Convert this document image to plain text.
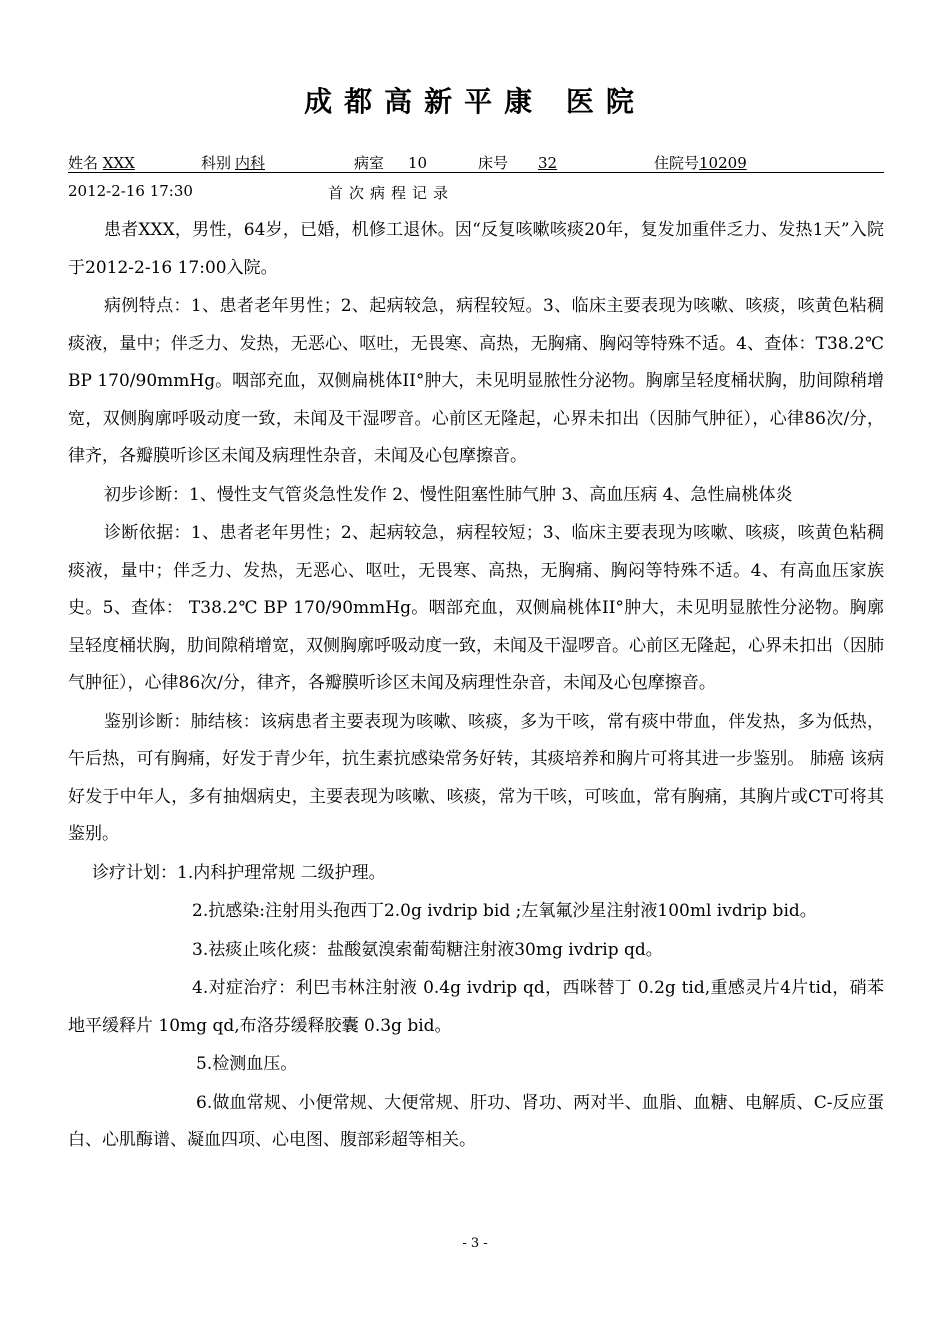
成都高新平康 医院
姓名 XXX	科别 内科	病室 10	床号 32	住院号10209
2012-2-16 17:30	首次病程记录

患者XXX，男性，64岁，已婚，机修工退休。因“反复咳嗽咳痰20年，复发加重伴乏力、发热1天”入院于2012-2-16 17:00入院。

病例特点：1、患者老年男性；2、起病较急，病程较短。3、临床主要表现为咳嗽、咳痰，咳黄色粘稠痰液，量中；伴乏力、发热，无恶心、呕吐，无畏寒、高热，无胸痛、胸闷等特殊不适。4、查体：T38.2℃ BP 170/90mmHg。咽部充血，双侧扁桃体II°肿大，未见明显脓性分泌物。胸廓呈轻度桶状胸，肋间隙稍增宽，双侧胸廓呼吸动度一致，未闻及干湿啰音。心前区无隆起，心界未扣出（因肺气肿征），心律86次/分，律齐，各瓣膜听诊区未闻及病理性杂音，未闻及心包摩擦音。

初步诊断：1、慢性支气管炎急性发作 2、慢性阻塞性肺气肿 3、高血压病 4、急性扁桃体炎

诊断依据：1、患者老年男性；2、起病较急，病程较短；3、临床主要表现为咳嗽、咳痰，咳黄色粘稠痰液，量中；伴乏力、发热，无恶心、呕吐，无畏寒、高热，无胸痛、胸闷等特殊不适。4、有高血压家族史。5、查体： T38.2℃ BP 170/90mmHg。咽部充血，双侧扁桃体II°肿大，未见明显脓性分泌物。胸廓呈轻度桶状胸，肋间隙稍增宽，双侧胸廓呼吸动度一致，未闻及干湿啰音。心前区无隆起，心界未扣出（因肺气肿征），心律86次/分，律齐，各瓣膜听诊区未闻及病理性杂音，未闻及心包摩擦音。

鉴别诊断：肺结核：该病患者主要表现为咳嗽、咳痰，多为干咳，常有痰中带血，伴发热，多为低热，午后热，可有胸痛，好发于青少年，抗生素抗感染常务好转，其痰培养和胸片可将其进一步鉴别。 肺癌 该病好发于中年人，多有抽烟病史，主要表现为咳嗽、咳痰，常为干咳，可咳血，常有胸痛，其胸片或CT可将其鉴别。

诊疗计划：1.内科护理常规 二级护理。

2.抗感染:注射用头孢西丁2.0g ivdrip bid ;左氧氟沙星注射液100ml ivdrip bid。

3.祛痰止咳化痰：盐酸氨溴索葡萄糖注射液30mg ivdrip qd。

4.对症治疗：利巴韦林注射液 0.4g ivdrip qd，西咪替丁 0.2g tid,重感灵片4片tid，硝苯地平缓释片 10mg qd,布洛芬缓释胶囊 0.3g bid。

5.检测血压。

6.做血常规、小便常规、大便常规、肝功、肾功、两对半、血脂、血糖、电解质、C-反应蛋白、心肌酶谱、凝血四项、心电图、腹部彩超等相关。

- 3 -
